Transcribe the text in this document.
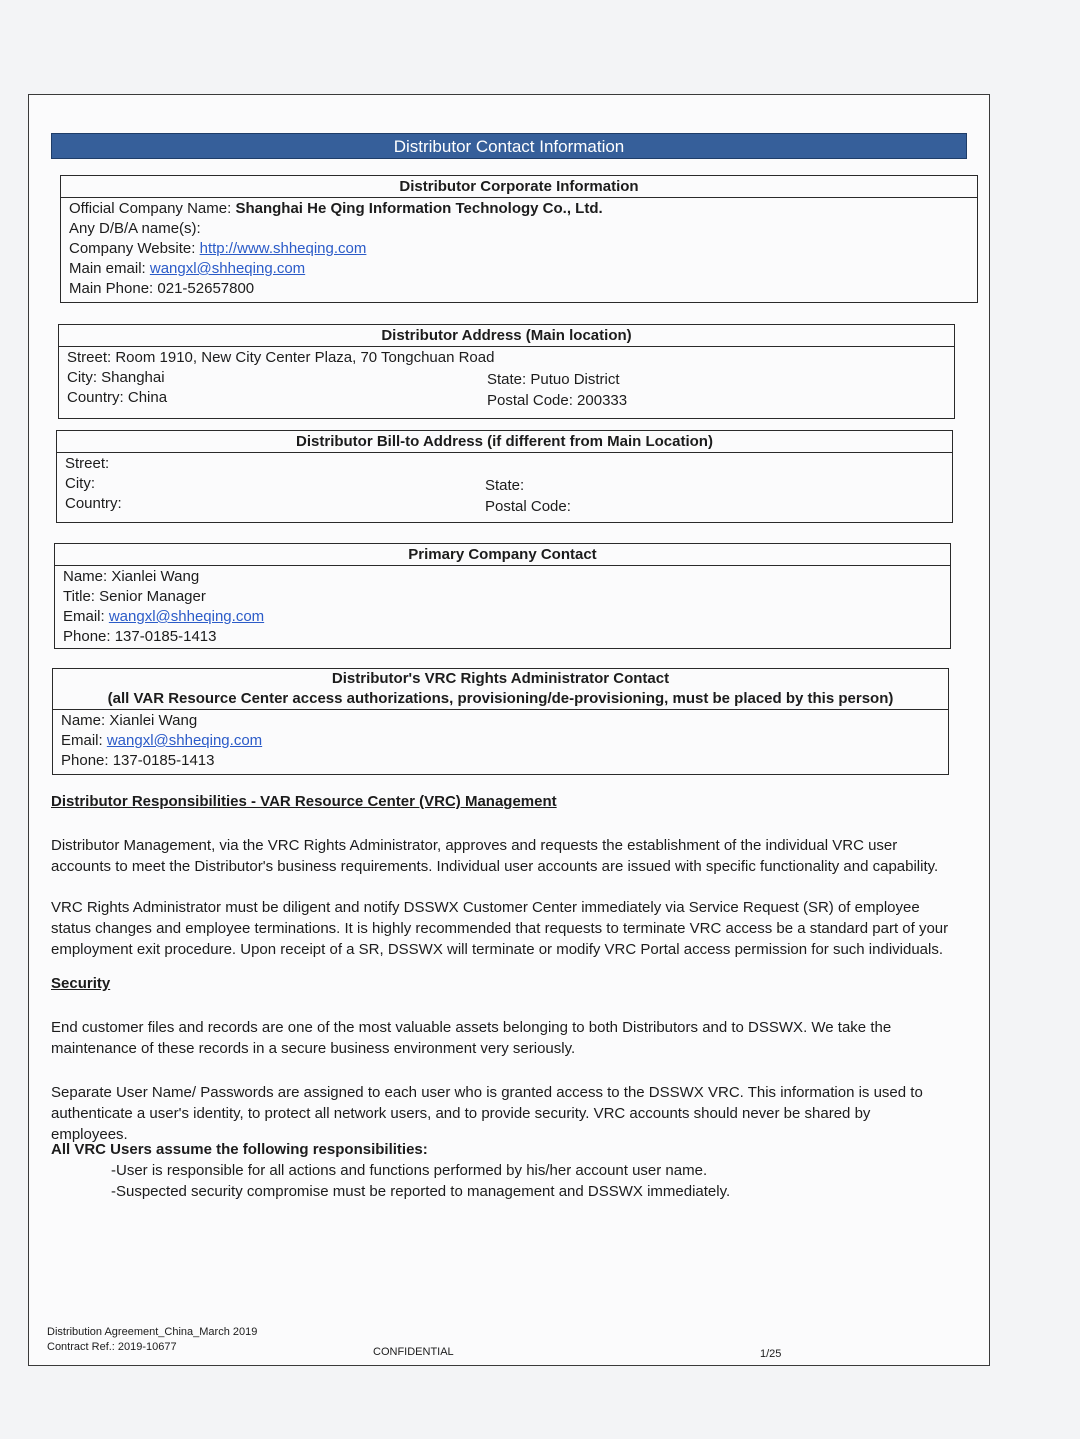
Distributor Contact Information
Distributor Corporate Information
Official Company Name: Shanghai He Qing Information Technology Co., Ltd.
Any D/B/A name(s):
Company Website: http://www.shheqing.com
Main email: wangxl@shheqing.com
Main Phone: 021-52657800
Distributor Address (Main location)
Street: Room 1910, New City Center Plaza, 70 Tongchuan Road
City: Shanghai
Country: China
State: Putuo District
Postal Code: 200333
Distributor Bill-to Address (if different from Main Location)
Street:
City:
Country:
State:
Postal Code:
Primary Company Contact
Name: Xianlei Wang
Title: Senior Manager
Email: wangxl@shheqing.com
Phone: 137-0185-1413
Distributor's VRC Rights Administrator Contact
(all VAR Resource Center access authorizations, provisioning/de-provisioning, must be placed by this person)
Name: Xianlei Wang
Email: wangxl@shheqing.com
Phone: 137-0185-1413
Distributor Responsibilities - VAR Resource Center (VRC) Management
Distributor Management, via the VRC Rights Administrator, approves and requests the establishment of the individual VRC user accounts to meet the Distributor's business requirements. Individual user accounts are issued with specific functionality and capability.
VRC Rights Administrator must be diligent and notify DSSWX Customer Center immediately via Service Request (SR) of employee status changes and employee terminations. It is highly recommended that requests to terminate VRC access be a standard part of your employment exit procedure. Upon receipt of a SR, DSSWX will terminate or modify VRC Portal access permission for such individuals.
Security
End customer files and records are one of the most valuable assets belonging to both Distributors and to DSSWX. We take the maintenance of these records in a secure business environment very seriously.
Separate User Name/ Passwords are assigned to each user who is granted access to the DSSWX VRC. This information is used to authenticate a user's identity, to protect all network users, and to provide security. VRC accounts should never be shared by employees.
All VRC Users assume the following responsibilities:
-User is responsible for all actions and functions performed by his/her account user name.
-Suspected security compromise must be reported to management and DSSWX immediately.
Distribution Agreement_China_March 2019
Contract Ref.: 2019-10677	CONFIDENTIAL	1/25
